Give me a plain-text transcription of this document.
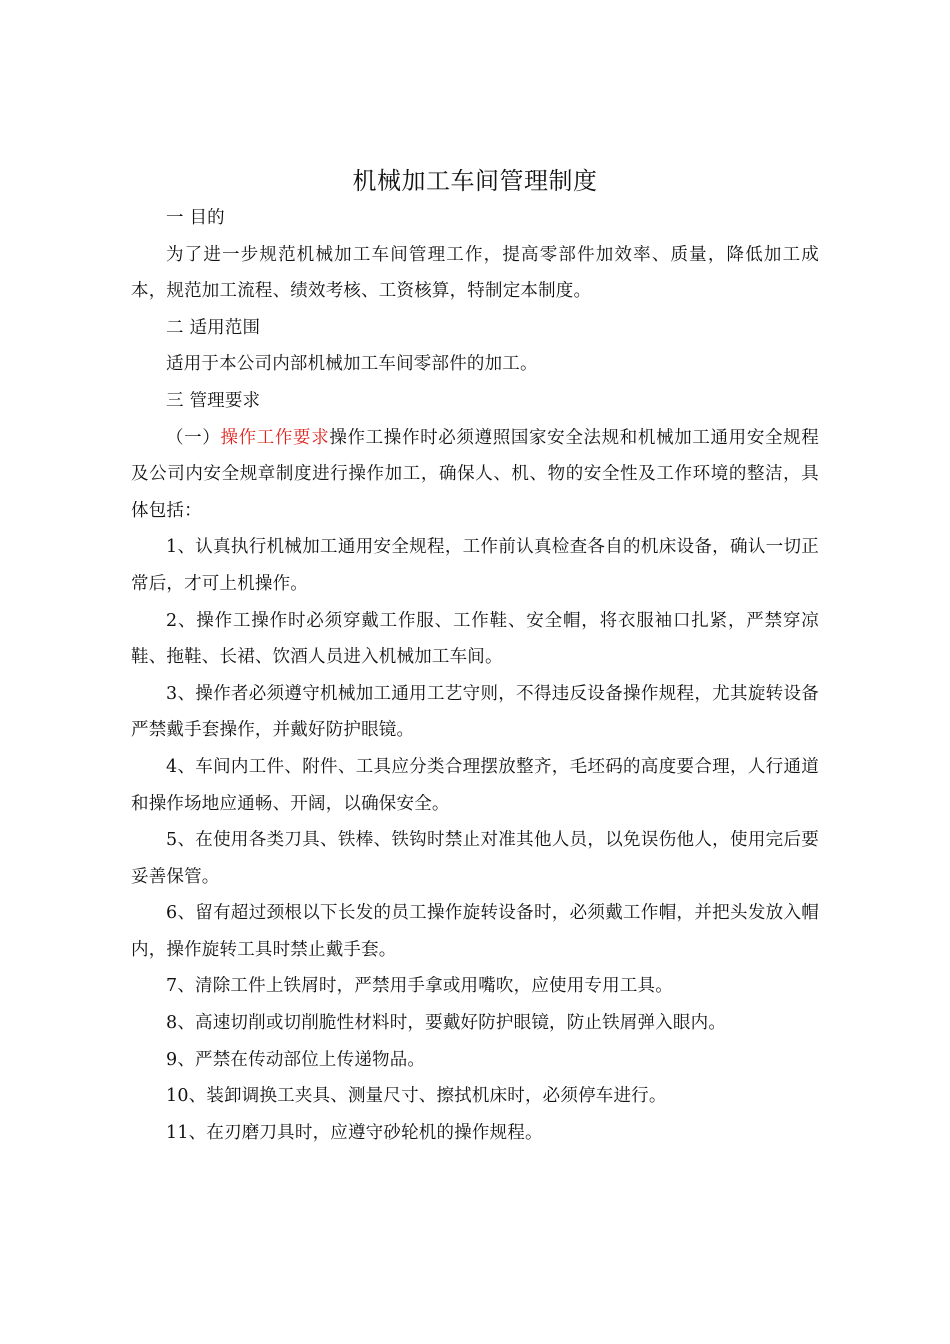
机械加工车间管理制度

一 目的

为了进一步规范机械加工车间管理工作，提高零部件加效率、质量，降低加工成本，规范加工流程、绩效考核、工资核算，特制定本制度。

二 适用范围

适用于本公司内部机械加工车间零部件的加工。

三 管理要求

（一）操作工作要求操作工操作时必须遵照国家安全法规和机械加工通用安全规程及公司内安全规章制度进行操作加工，确保人、机、物的安全性及工作环境的整洁，具体包括：

1、认真执行机械加工通用安全规程，工作前认真检查各自的机床设备，确认一切正常后，才可上机操作。

2、操作工操作时必须穿戴工作服、工作鞋、安全帽，将衣服袖口扎紧，严禁穿凉鞋、拖鞋、长裙、饮酒人员进入机械加工车间。

3、操作者必须遵守机械加工通用工艺守则，不得违反设备操作规程，尤其旋转设备严禁戴手套操作，并戴好防护眼镜。

4、车间内工件、附件、工具应分类合理摆放整齐，毛坯码的高度要合理，人行通道和操作场地应通畅、开阔，以确保安全。

5、在使用各类刀具、铁棒、铁钩时禁止对准其他人员，以免误伤他人，使用完后要妥善保管。

6、留有超过颈根以下长发的员工操作旋转设备时，必须戴工作帽，并把头发放入帽内，操作旋转工具时禁止戴手套。

7、清除工件上铁屑时，严禁用手拿或用嘴吹，应使用专用工具。

8、高速切削或切削脆性材料时，要戴好防护眼镜，防止铁屑弹入眼内。

9、严禁在传动部位上传递物品。

10、装卸调换工夹具、测量尺寸、擦拭机床时，必须停车进行。

11、在刃磨刀具时，应遵守砂轮机的操作规程。
